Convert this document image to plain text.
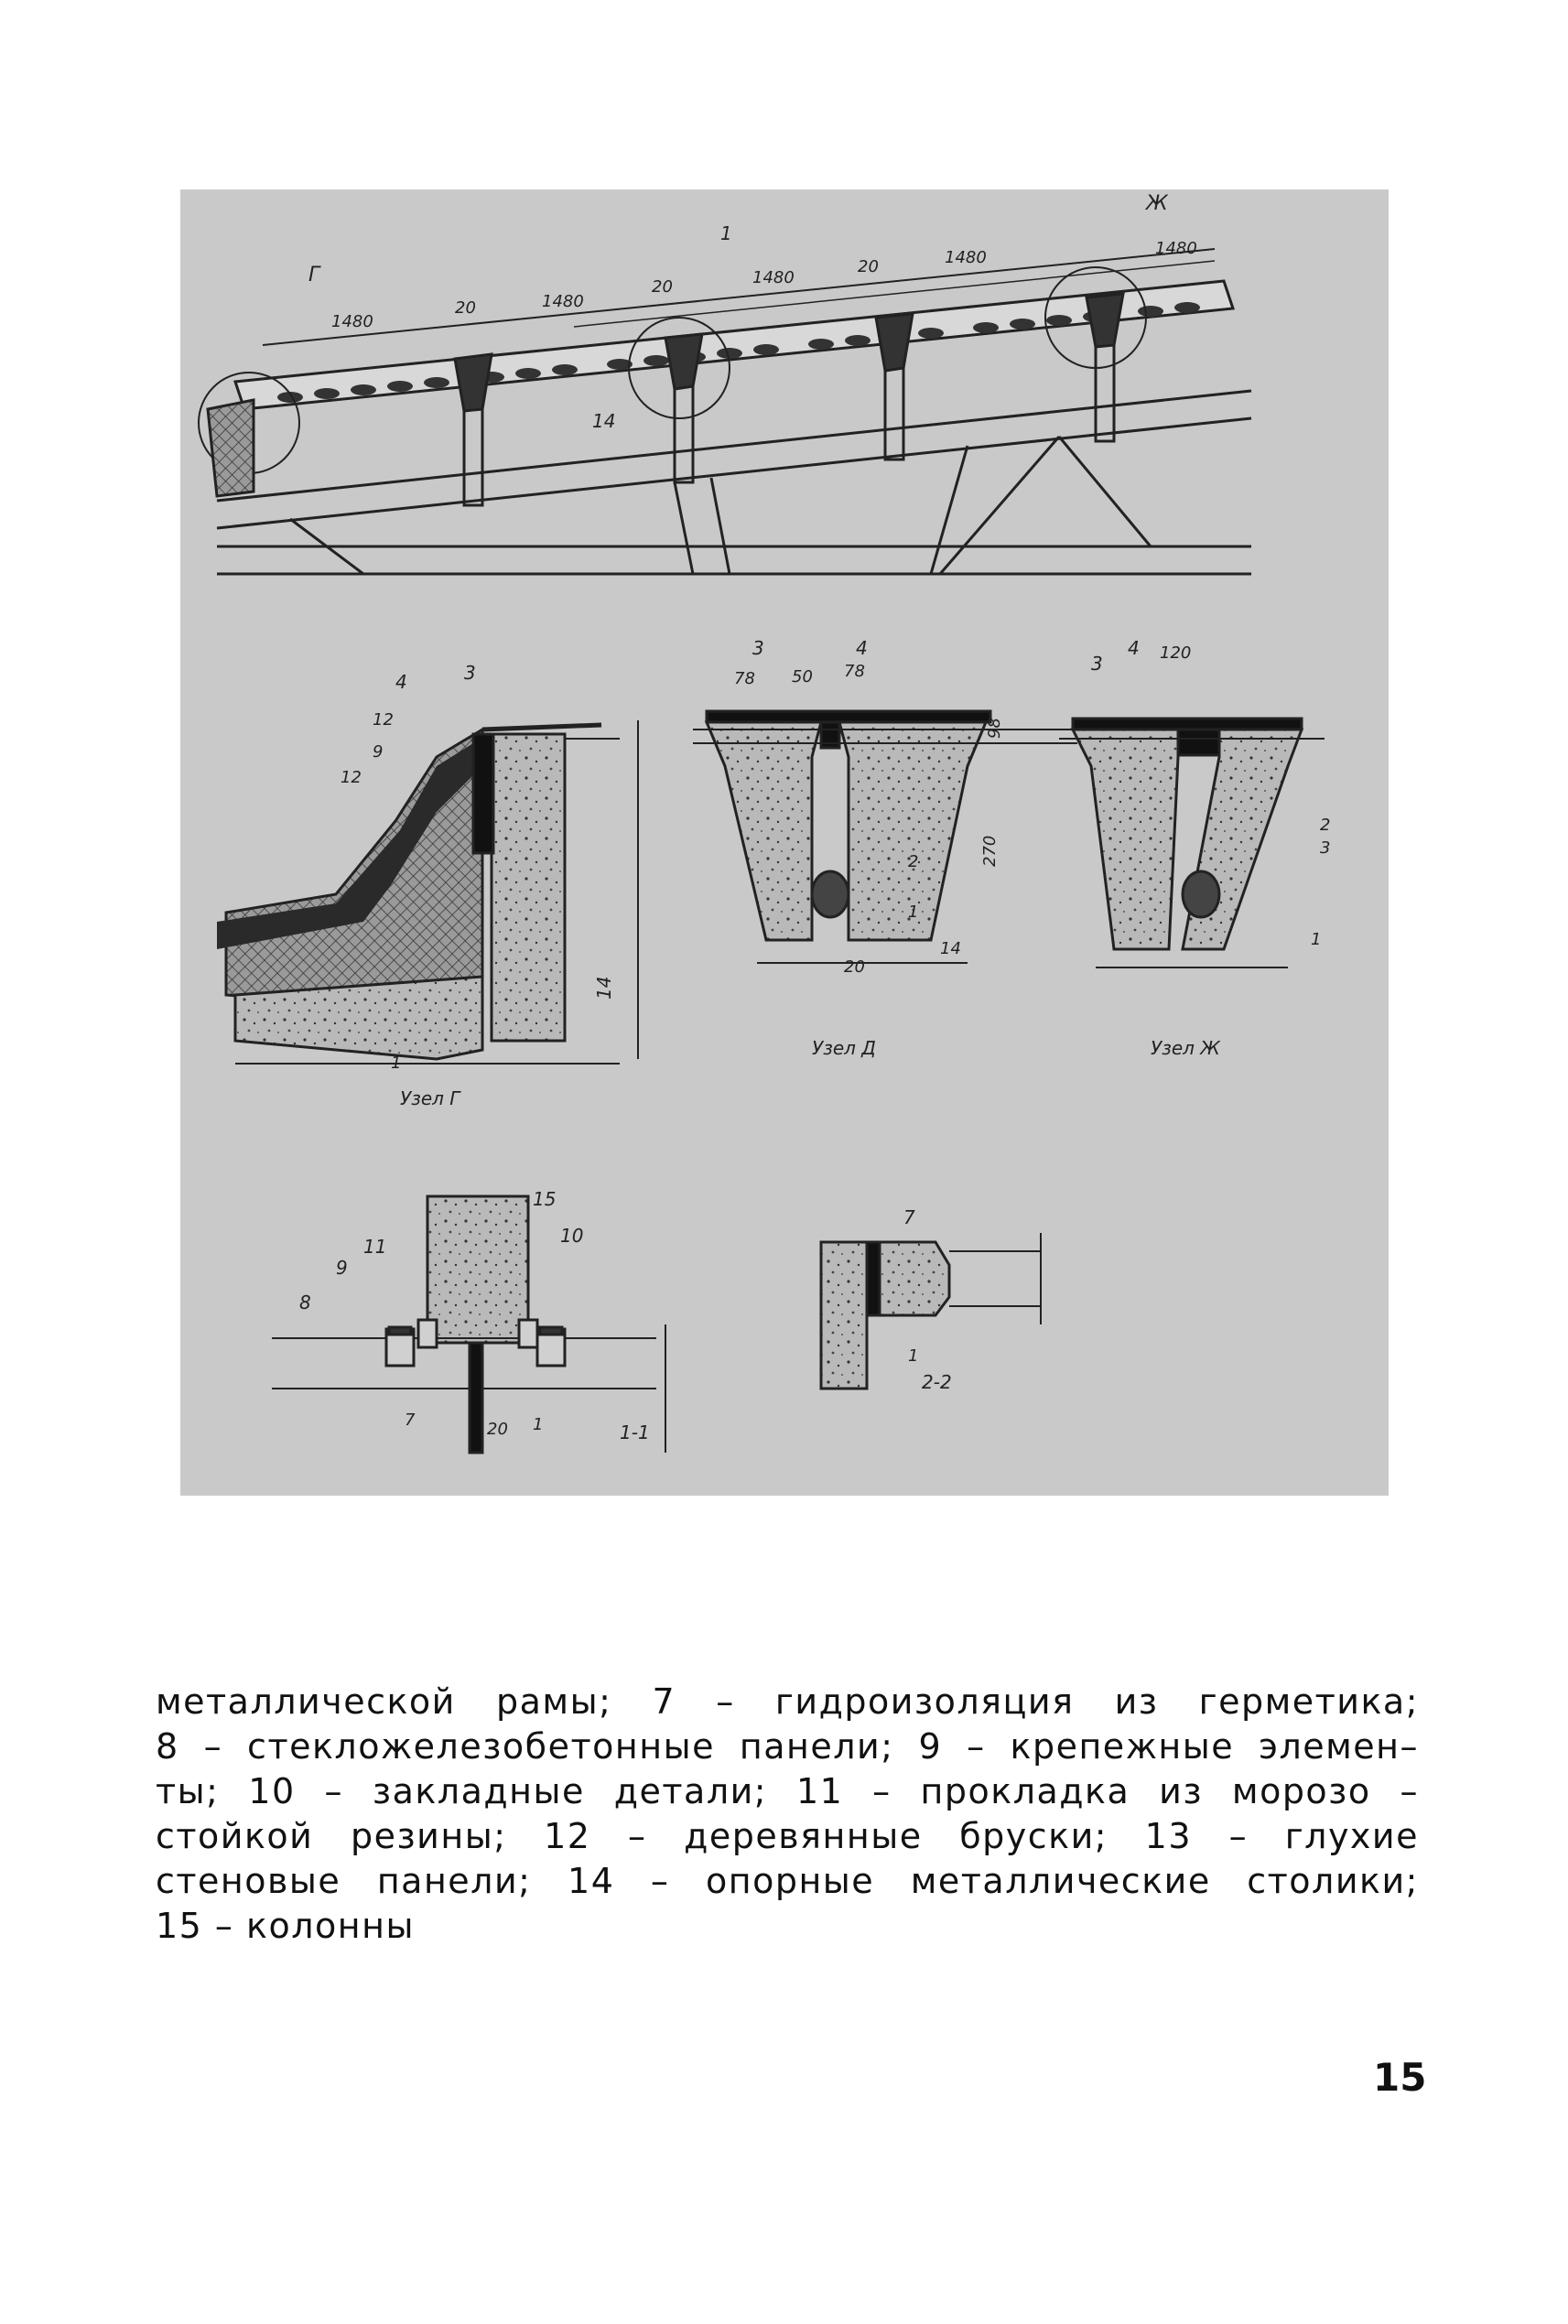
Г
Ж
1
14
1480
1480
1480
1480	1480
20
20
20
4	3
12
9
12
14
1
Узел Г
3	4
78 50 78
98
270
2
1
14
20
Узел Д
3
4 120
2
3
1
Узел Ж
15
10
11
9
8
7	20 1	1-1
7
1
2-2
металлической рамы; 7 – гидроизоляция из герметика;
8 – стекложелезобетонные панели; 9 – крепежные элемен–
ты; 10 – закладные детали; 11 – прокладка из морозо –
стойкой резины; 12 – деревянные бруски; 13 – глухие
стеновые панели; 14 – опорные металлические столики;
15 – колонны
15
